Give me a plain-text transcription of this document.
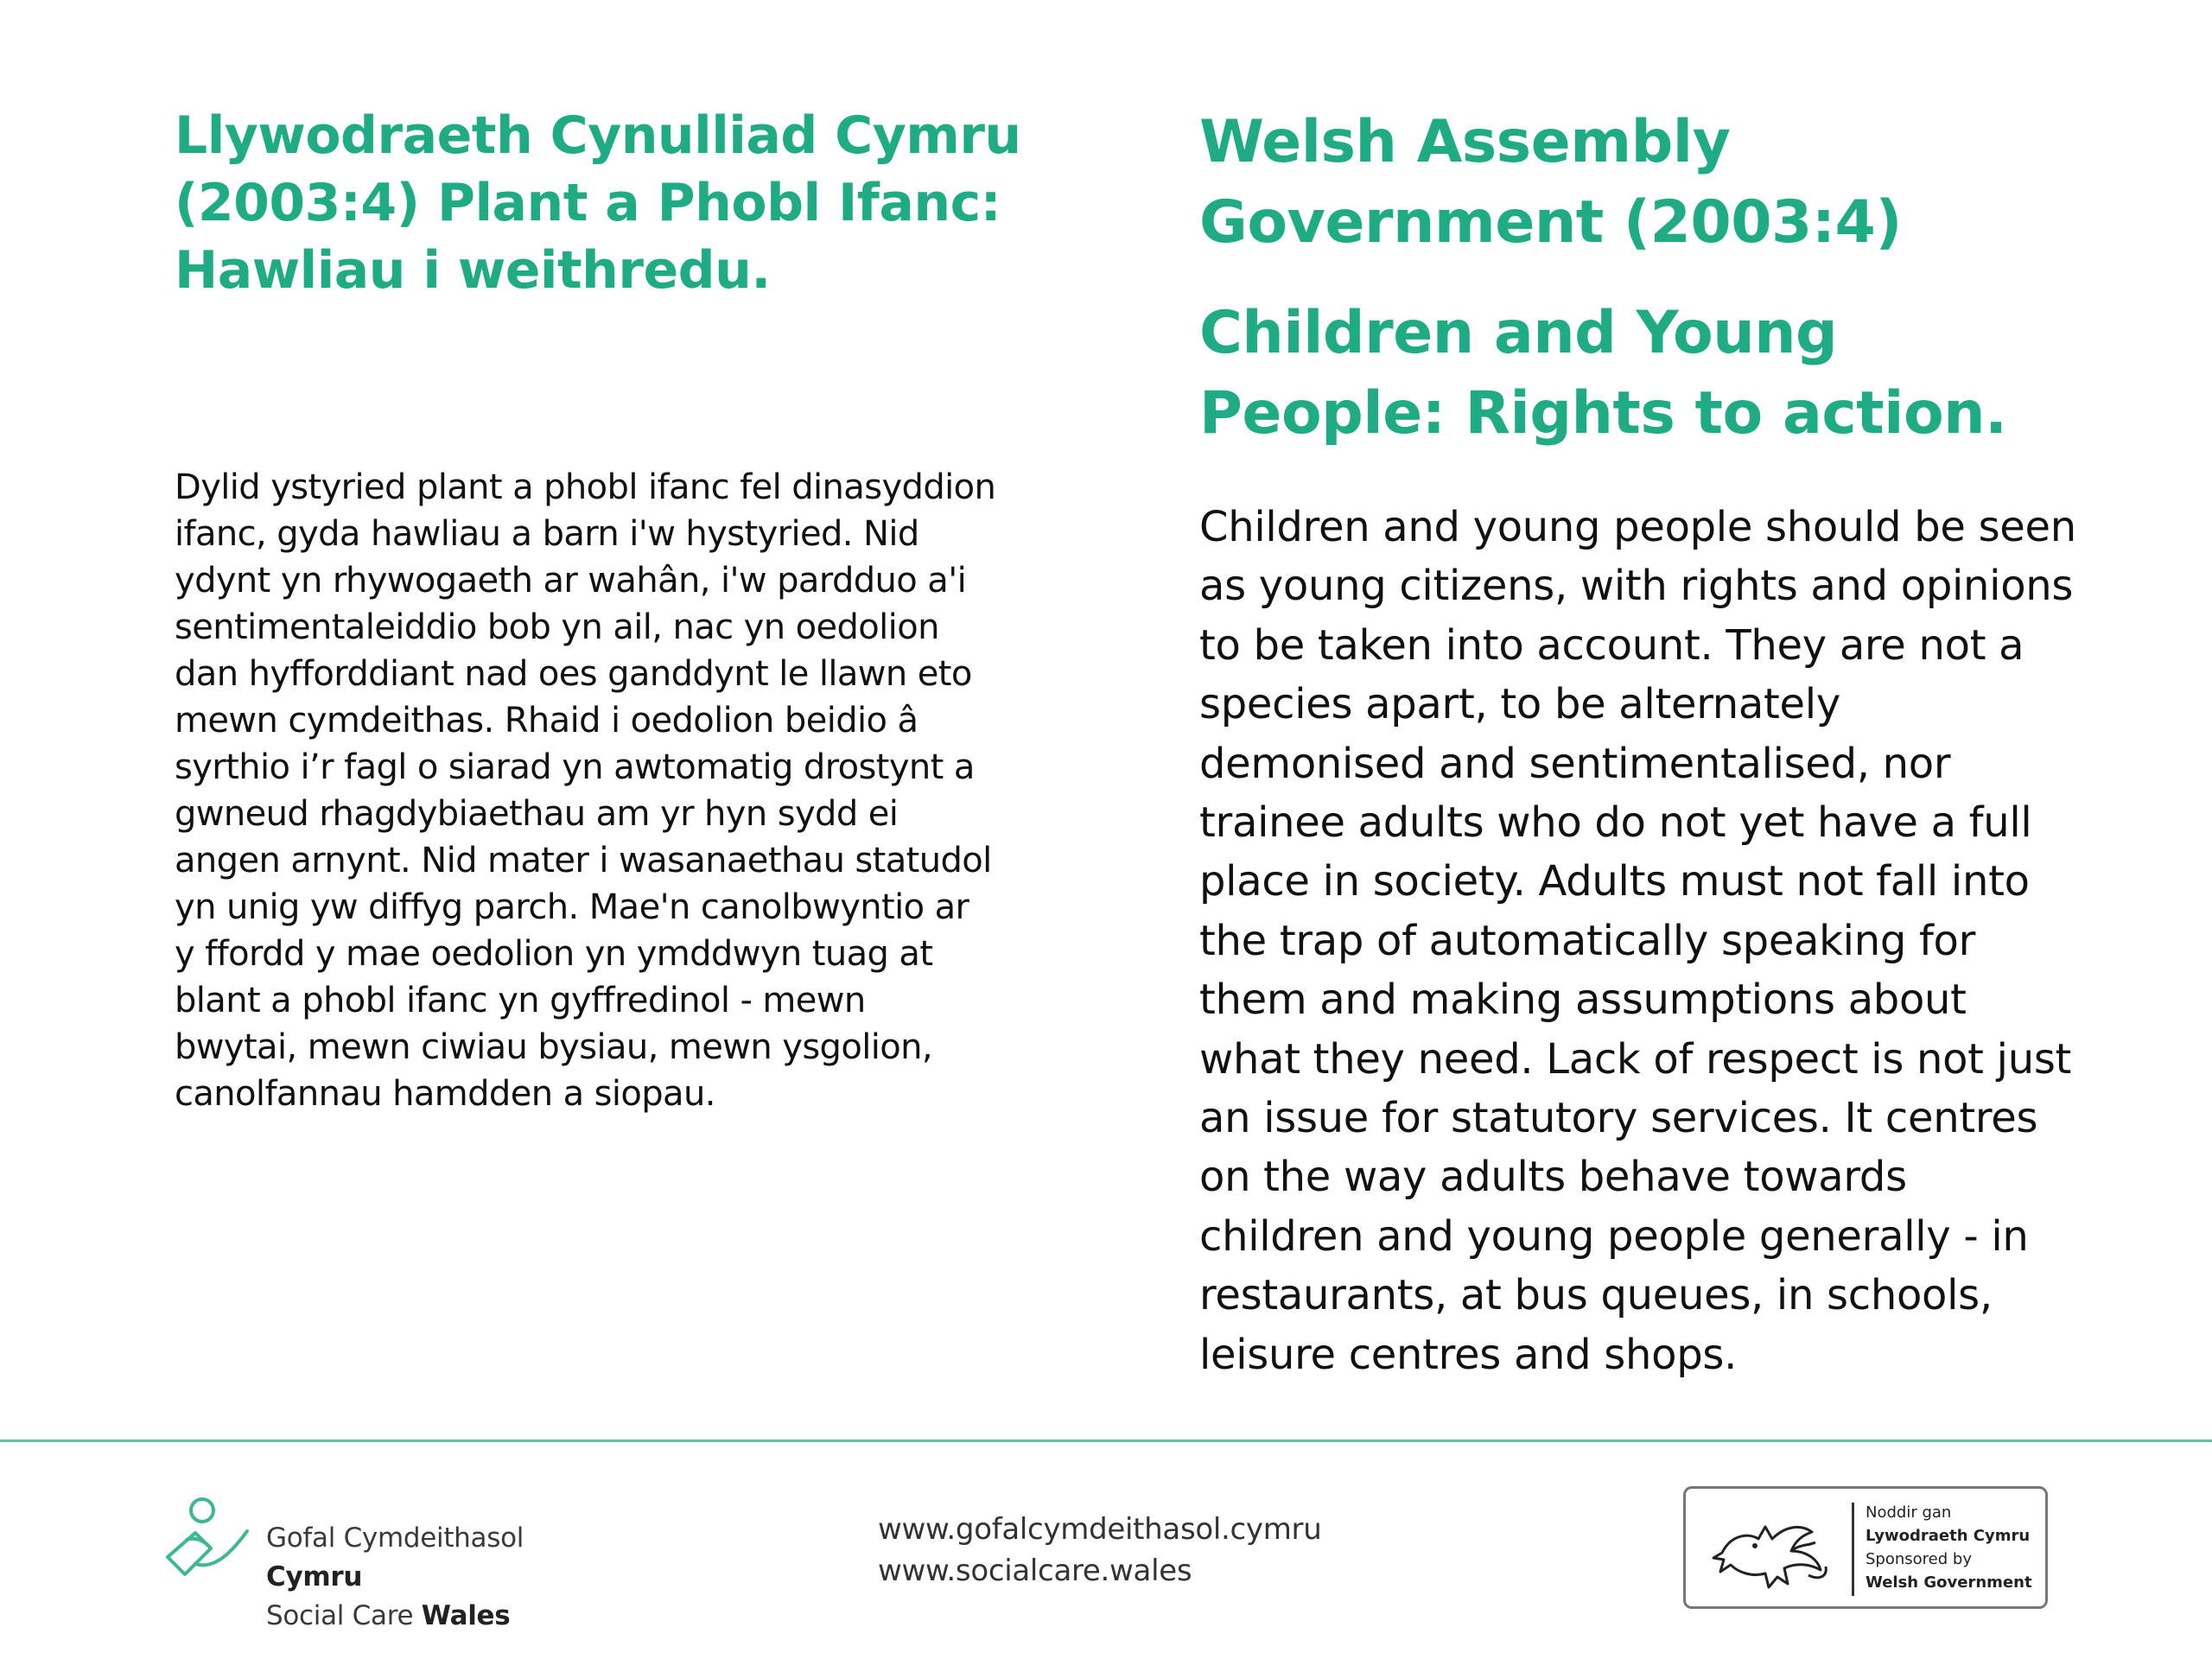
Llywodraeth Cynulliad Cymru
(2003:4) Plant a Phobl Ifanc:
Hawliau i weithredu.

Dylid ystyried plant a phobl ifanc fel dinasyddion
ifanc, gyda hawliau a barn i'w hystyried. Nid
ydynt yn rhywogaeth ar wahân, i'w pardduo a'i
sentimentaleiddio bob yn ail, nac yn oedolion
dan hyfforddiant nad oes ganddynt le llawn eto
mewn cymdeithas. Rhaid i oedolion beidio â
syrthio i’r fagl o siarad yn awtomatig drostynt a
gwneud rhagdybiaethau am yr hyn sydd ei
angen arnynt. Nid mater i wasanaethau statudol
yn unig yw diffyg parch. Mae'n canolbwyntio ar
y ffordd y mae oedolion yn ymddwyn tuag at
blant a phobl ifanc yn gyffredinol - mewn
bwytai, mewn ciwiau bysiau, mewn ysgolion,
canolfannau hamdden a siopau.

Welsh Assembly
Government (2003:4)
Children and Young
People: Rights to action.

Children and young people should be seen
as young citizens, with rights and opinions
to be taken into account. They are not a
species apart, to be alternately
demonised and sentimentalised, nor
trainee adults who do not yet have a full
place in society. Adults must not fall into
the trap of automatically speaking for
them and making assumptions about
what they need. Lack of respect is not just
an issue for statutory services. It centres
on the way adults behave towards
children and young people generally - in
restaurants, at bus queues, in schools,
leisure centres and shops.

Gofal Cymdeithasol Cymru
Social Care Wales
www.gofalcymdeithasol.cymru
www.socialcare.wales
Noddir gan
Lywodraeth Cymru
Sponsored by
Welsh Government
